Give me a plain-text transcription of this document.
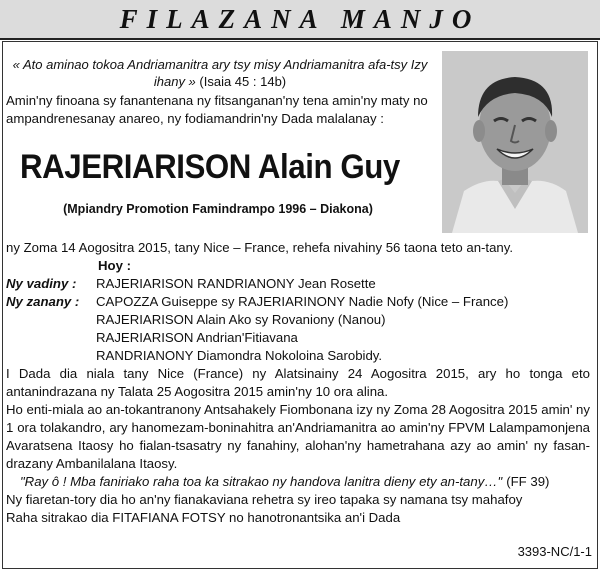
FILAZANA MANJO
« Ato aminao tokoa Andriamanitra ary tsy misy Andriamanitra afa-tsy Izy ihany » (Isaia 45 : 14b)
Amin'ny finoana sy fanantenana ny fitsanganan'ny tena amin'ny maty no ampandrenesanay anareo, ny fodiamandrin'ny Dada malalanay :
RAJERIARISON Alain Guy
(Mpiandry Promotion Famindrampo 1996 – Diakona)
ny Zoma 14 Aogositra 2015, tany Nice – France, rehefa nivahiny 56 taona teto an-tany.
Hoy :
Ny vadiny :	RAJERIARISON RANDRIANONY Jean Rosette
Ny zanany :	CAPOZZA Guiseppe sy RAJERIARINONY Nadie Nofy (Nice – France)
RAJERIARISON Alain Ako sy Rovaniony (Nanou)
RAJERIARISON Andrian'Fitiavana
RANDRIANONY Diamondra Nokoloina Sarobidy.
I Dada dia niala tany Nice (France) ny Alatsinainy 24 Aogositra 2015, ary ho tonga eto antanindrazana ny Talata 25 Aogositra 2015 amin'ny 10 ora alina.
Ho enti-miala ao an-tokantranony Antsahakely Fiombonana izy ny Zoma 28 Aogositra 2015 amin' ny 1 ora tolakandro, ary hanomezam-boninahitra an'Andriamanitra ao amin'ny FPVM Lalampamonjena Avaratsena Itaosy ho fialan-tsasatry ny fanahiny, alohan'ny hametrahana azy ao amin' ny fasan-drazany Ambanilalana Itaosy.
"Ray ô ! Mba faniriako raha toa ka sitrakao ny handova lanitra dieny ety an-tany…" (FF 39)
Ny fiaretan-tory dia ho an'ny fianakaviana rehetra sy ireo tapaka sy namana tsy mahafoy
Raha sitrakao dia FITAFIANA FOTSY no hanotronantsika an'i Dada
3393-NC/1-1
